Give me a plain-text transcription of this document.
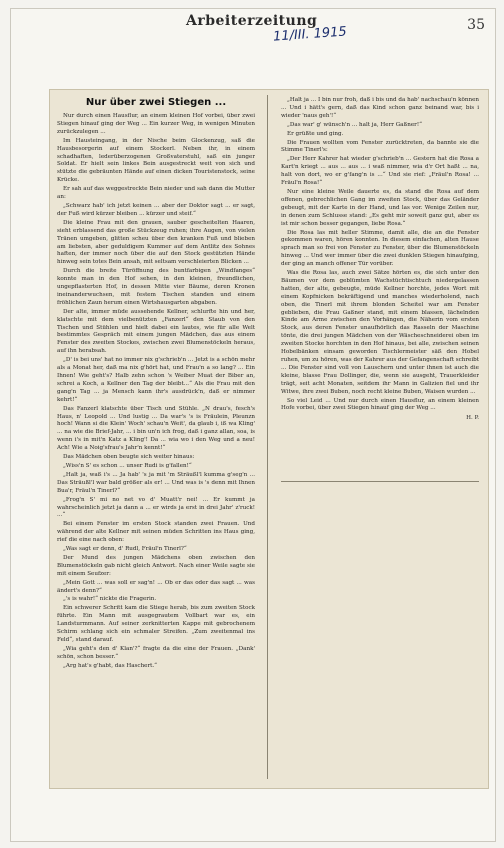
Arbeiterzeitung
11/III. 1915	35
Nur über zwei Stiegen ...

Nur durch einen Hausflur, an einem kleinen Hof vorbei, über zwei Stiegen hinauf ging der Weg ... Ein kurzer Weg, in wenigen Minuten zurückzulegen ...

Im Hausteingang, in der Nische beim Glockenzug, saß die Hausbesorgerin auf einem Stockerl. Neben ihr, in einem schadhaften, lederüberzogenen Großvaterstuhl, saß ein junger Soldat. Er hielt sein linkes Bein ausgestreckt weit von sich und stützte die gebräunten Hände auf einen dicken Touristenstock, seine Krücke.

Er sah auf das weggestreckte Bein nieder und sah dann die Mutter an:

„Schwarz hab' ich jetzt keinen ... aber der Doktor sagt ... er sagt, der Fuß wird kürzer bleiben ... kürzer und steif.“

Die kleine Frau mit den grauen, sauber gescheitelten Haaren, sieht erblassend das große Stückzeug ruhen; ihre Augen, von vielen Tränen umgeben, glitten scheu über den kranken Fuß und blieben am liebsten, aber geduldigem Kummer auf dem Antlitz des Sohnes haften, der immer noch über die auf den Stock gestützten Hände hinweg sein totes Bein ansah, mit seltsam verschleierten Blicken ...

Durch die breite Türöffnung des buntfarbigen „Windfanges“ konnte man in den Hof sehen, in den kleinen, freundlichen, ungepflasterten Hof, in dessen Mitte vier Bäume, deren Kronen ineinanderwuchsen, mit festem Tischen standen und einem fröhlichen Zaun herum einen Wirtshausgarten abgaben.

Der alte, immer müde aussehende Kellner, schlurfte hin und her, klatschte mit dem vielbenützten „Fanzerl“ den Staub von den Tischen und Stühlen und hielt dabei ein lautes, wie für alle Welt bestimmtes Gespräch mit einem jungen Mädchen, das aus einem Fenster des zweiten Stockes, zwischen zwei Blumenstöckeln heraus, auf ihn herabsah.

„D' is bei uns' hat no immer nix g'schrieb'n ... Jetzt is a schön mehr als a Monat her, daß ma nix g'hört hat, und Frau'n a so lang? ... Ein Ihnen! Wie geht's? Halb zehn schon 's Weiber Muat der Biber an, schrei a Koch, a Kellner den Tag der bleibt...“ Als die Frau mit den gang'n Tag ... ja Mensch kann ihr's ausdrück'n, daß er nimmer kehrt!“

Das Fanzerl klatschte über Tisch und Stühle. „N drau's, fesch's Haus, n' Leopold ... Und lustig ... Da war's 's is Fräulein, Pleunzn hoch! Wann si die Klein' Woch' schau'n Weit', da glaub i, iß wa Kling' ... na wie die Brief-Jahr, ... i bin un'n ich frog, daß i ganz allan, soa, is wenn i's in mit'n Katz a Kling'! Da ... wia wo i den Weg und a neu! Ach! Wie a Noig'sfrau's Jahr'n kennt!“

Das Mädchen oben beugte sich weiter hinaus:

„Wiss'n S' es schon ... unser Rudi is g'fallen!“

„Halt ja, waß i's ... Ja hab' 's ja mit 'm Sträußl'l kumma g'seg'n ... Das Sträußl'l war bald größer als er! ... Und was is 's denn mit Ihnen Bua'r, Fräul'n Tinerl?“

„Frog'n S' mi no net vo d' Muatt'r nei! ... Er kummt ja wahrscheinlich jetzt ja dann a ... er wirds ja erst in drei Jahr' z'ruck! ...“

Bei einem Fenster im ersten Stock standen zwei Frauen. Und während der alte Kellner mit seinen müden Schritten ins Haus ging, rief die eine nach oben:

„Was sagt er denn, d' Rudl, Fräul'n Tinerl?“

Der Mund des jungen Mädchens oben zwischen den Blumenstöckeln gab nicht gleich Antwort. Nach einer Weile sagte sie mit einem Seufzer:

„Mein Gott ... was soll er sag'n! ... Ob er das oder das sagt ... was ändert's denn?“

„'s is wahr!“ nickte die Fragerin.

Ein schwerer Schritt kam die Stiege herab, bis zum zweiten Stock führte. Ein Mann mit ausgegrautem Vollbart war es, ein Landsturmmann. Auf seiner zerknitterten Kappe mit gebrochenem Schirm schlang sich ein schmaler Streifen. „Zum zweitenmal ins Feld“, stand darauf.

„Wia geht's den d' Klan'?“ fragte da die eine der Frauen. „Dank' schön, schon besser.“

„Arg hat's g'habt, das Haschert.“

„Halt ja ... I bin nur froh, daß i bis und da hab' nachschau'n können ... Und i hätt's gern, daß das Kind schon ganz beinand war, bis i wieder 'naus geh'!“

„Das war' g' wünsch'n ... halt ja, Herr Gaßner!“

Er grüßte und ging.

Die Frauen wollten vom Fenster zurücktreten, da bannte sie die Stimme Tinerl's:

„Der Herr Kahrer hat wieder g'schrieb'n ... Gestern hat die Rosa a Kart'n kriegt ... aus ... aus ... i waß nimmer, wia d'r Ort haßt ... na, halt von dort, wo er g'fang'n is ...“ Und sie rief: „Fräul'n Rosa! ... Fräul'n Rosa!“

Nur eine kleine Weile dauerte es, da stand die Rosa auf dem offenen, gebrechlichen Gang im zweiten Stock, über das Geländer gebeugt, mit der Karte in der Hand, und las vor. Wenige Zeilen nur, in denen zum Schlusse stand: „Es geht mir soweit ganz gut, aber es ist mir schon besser gegangen, liebe Rosa.“

Die Rosa las mit heller Stimme, damit alle, die an die Fenster gekommen waren, hören konnten. In diesem einfachen, alten Hause sprach man so frei von Fenster zu Fenster, über die Blumenstöckeln hinweg ... Und wer immer über die zwei dunklen Stiegen hinaufging, der ging an manch offener Tür vorüber.

Was die Rosa las, auch zwei Sätze hörten es, die sich unter den Bäumen vor dem geblümten Wachstüchtischtuch niedergelassen hatten, der alte, gebeugte, müde Kellner horchte, jedes Wort mit einem Kopfnicken bekräftigend und manches wiederholend, nach oben, die Tinerl mit ihrem blonden Scheitel war am Fenster geblieben, die Frau Gaßner stand, mit einem blassen, lächelnden Kinde am Arme zwischen den Vorhängen, die Näherin vom ersten Stock, aus deren Fenster unaufhörlich das Rasseln der Maschine tönte, die drei jungen Mädchen von der Wäscheschneiderei oben im zweiten Stocke horchten in den Hof hinaus, bei alle, zwischen seinen Hobelbänken einsam geworden Tischlermeister säß den Hobel ruhen, um zu hören, was der Kahrer aus der Gefangenschaft schreibt ... Die Fenster sind voll von Lauschern und unter ihnen ist auch die kleine, blasse Frau Dollinger, die, wenn sie ausgeht, Trauerkleider trägt, seit acht Monaten, seitdem ihr Mann in Galizien fiel und ihr Witwe, ihre zwei Buben, noch recht kleine Buben, Waisen wurden ...

So viel Leid ... Und nur durch einen Hausflur, an einem kleinen Hofe vorbei, über zwei Stiegen hinauf ging der Weg ...

H. P.
